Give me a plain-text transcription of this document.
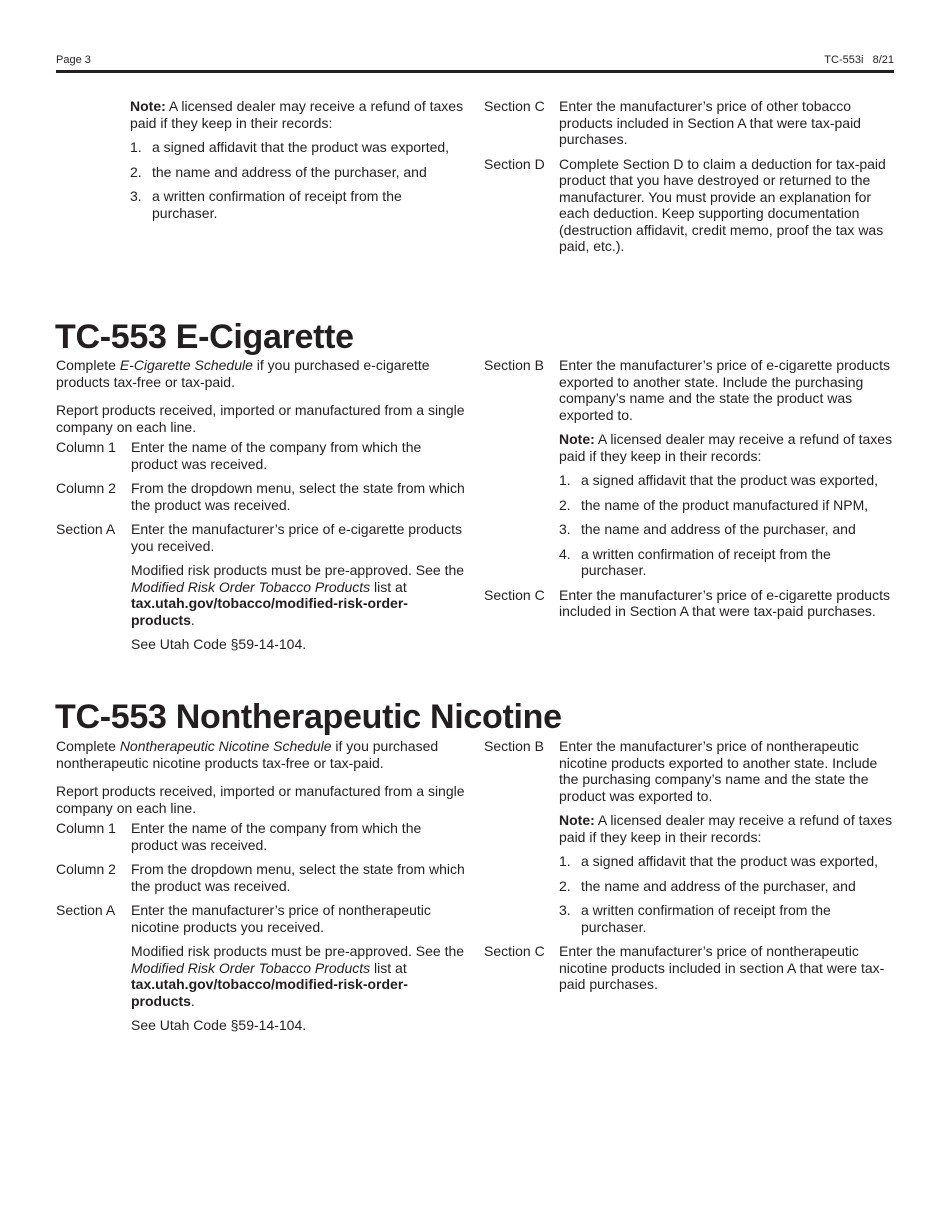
Page 3	TC-553i   8/21
Note: A licensed dealer may receive a refund of taxes paid if they keep in their records:
1. a signed affidavit that the product was exported,
2. the name and address of the purchaser, and
3. a written confirmation of receipt from the purchaser.
Section C	Enter the manufacturer’s price of other tobacco products included in Section A that were tax-paid purchases.
Section D	Complete Section D to claim a deduction for tax-paid product that you have destroyed or returned to the manufacturer. You must provide an explanation for each deduction. Keep supporting documentation (destruction affidavit, credit memo, proof the tax was paid, etc.).
TC-553 E-Cigarette
Complete E-Cigarette Schedule if you purchased e-cigarette products tax-free or tax-paid.
Report products received, imported or manufactured from a single company on each line.
Column 1	Enter the name of the company from which the product was received.
Column 2	From the dropdown menu, select the state from which the product was received.
Section A	Enter the manufacturer’s price of e-cigarette products you received.
Modified risk products must be pre-approved. See the Modified Risk Order Tobacco Products list at tax.utah.gov/tobacco/modified-risk-order-products.
See Utah Code §59-14-104.
Section B	Enter the manufacturer’s price of e-cigarette products exported to another state. Include the purchasing company’s name and the state the product was exported to.
Note: A licensed dealer may receive a refund of taxes paid if they keep in their records:
1. a signed affidavit that the product was exported,
2. the name of the product manufactured if NPM,
3. the name and address of the purchaser, and
4. a written confirmation of receipt from the purchaser.
Section C	Enter the manufacturer’s price of e-cigarette products included in Section A that were tax-paid purchases.
TC-553 Nontherapeutic Nicotine
Complete Nontherapeutic Nicotine Schedule if you purchased nontherapeutic nicotine products tax-free or tax-paid.
Report products received, imported or manufactured from a single company on each line.
Column 1	Enter the name of the company from which the product was received.
Column 2	From the dropdown menu, select the state from which the product was received.
Section A	Enter the manufacturer’s price of nontherapeutic nicotine products you received.
Modified risk products must be pre-approved. See the Modified Risk Order Tobacco Products list at tax.utah.gov/tobacco/modified-risk-order-products.
See Utah Code §59-14-104.
Section B	Enter the manufacturer’s price of nontherapeutic nicotine products exported to another state. Include the purchasing company’s name and the state the product was exported to.
Note: A licensed dealer may receive a refund of taxes paid if they keep in their records:
1. a signed affidavit that the product was exported,
2. the name and address of the purchaser, and
3. a written confirmation of receipt from the purchaser.
Section C	Enter the manufacturer’s price of nontherapeutic nicotine products included in section A that were tax-paid purchases.
